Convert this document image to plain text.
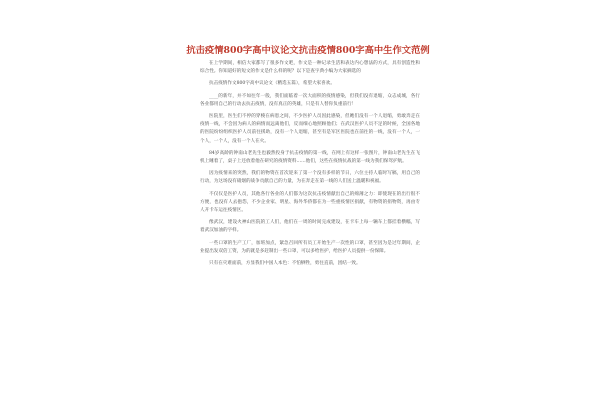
抗击疫情800字高中议论文抗击疫情800字高中生作文范例

在上学期间，相信大家都写了很多作文吧，作文是一种记录生活和表达内心想法的方式，具有创造性和综合性。你知道好的短文的作文是什么样的呢？以下是查字典小编为大家摘选的

抗击疫情作文800字高中议论文（精选五篇），希望大家喜欢。

____的新年，并不如往年一般，我们面临着一次大面积的疫情感染，但我们没有退缩，众志成城，各行各业都用自己的行动去抗击疫情，没有真正的英雄，只是有人替你负重前行！

医院里，医生们不停的穿梭在病患之间，不少医护人员因此感染，但她们没有一个人退缩，勇敢奔走在疫情一线，不会因为病人的病情而远离他们，反而细心地照顾他们；在武汉医护人员不足的时候，全国各地的医院纷纷组织医护人员前往援助，没有一个人退缩，甚至有是军区医院也在前往的一线，没有一个人，一个人，一个人，没有一个人在火。

84岁高龄的钟南山老先生也毅然投身于抗击疫情的第一线，在网上有这样一张图片，钟南山老先生在飞机上睡着了，桌子上还放着他在研究的疫情资料……他们，这些在疫情抗战的第一线为我们保驾护航。

因为疫情来的突然，我们的物资在首次迎来了第一个没有多样的节日，六位主持人临时写稿，用自己的行动，为这场没有硝烟的战争贡献自己的力量，为在奔走在第一线的人们送上温暖和祝福。

不仅仅是医护人员，其他各行各业的人们都为这次抗击疫情献出自己的绵薄之力：即使现在的出行很不方便，也没有人去抱怨，不少企业家、明星、海外华侨都在为一些重疫情区捐献，有物资的捐物资，再由专人开卡车运往疫情区。

像武汉，建设火神山医院的工人们，他们在一周的时间完成建设，在卡车上每一辆车上都挂着横幅，写着武汉加油的字样。

一些口罩的生产工厂，加班加点，紧急召回所有员工开始生产一次性的口罩，甚至因为是过年期间，企业提出发双倍工资，为的就是多赶制出一些口罩，可以多给医护，给医护人员提供一份保障。

只有在灾难面前，方显我们中国人本色：不怕牺牲，勇往直前，团结一致。
